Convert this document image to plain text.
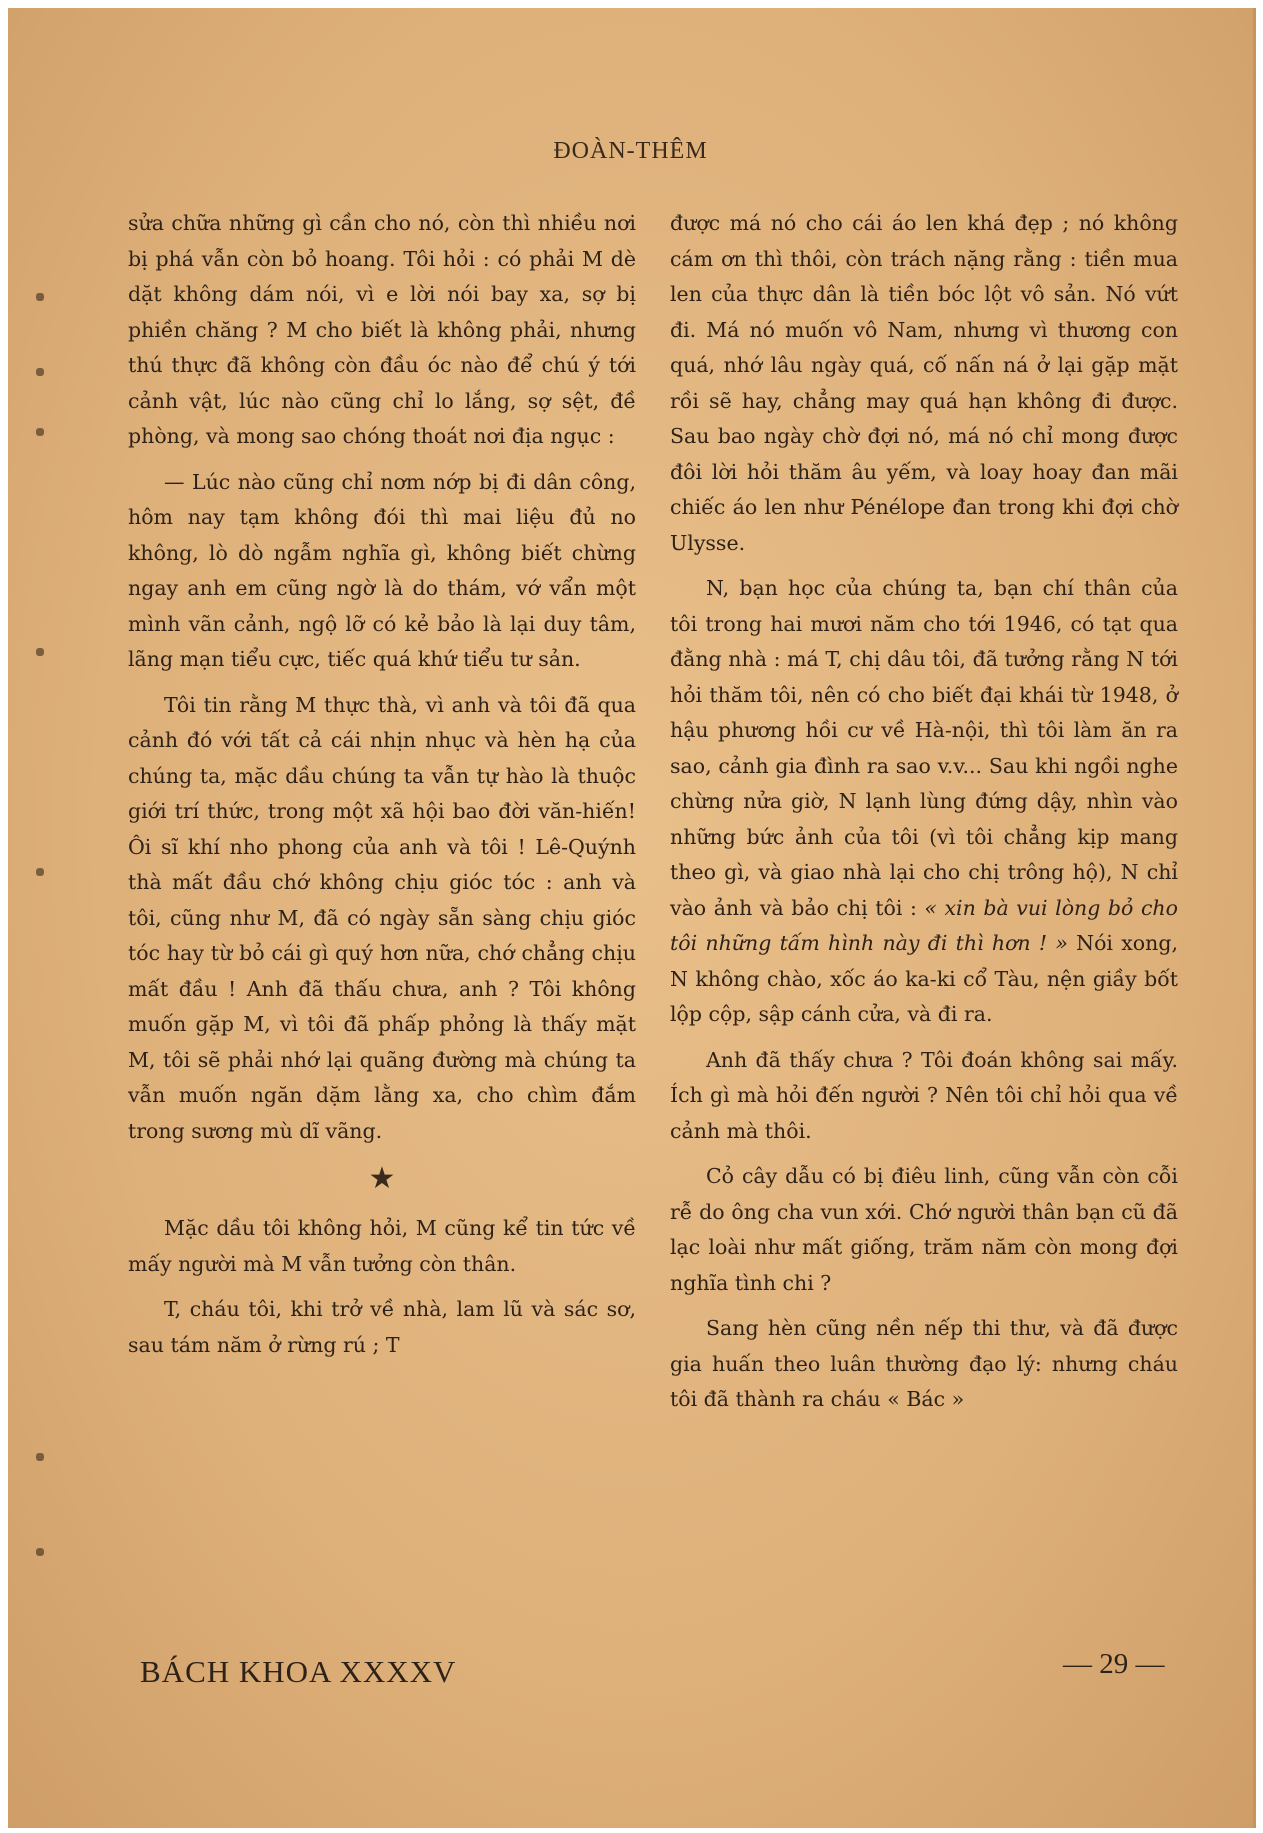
ĐOÀN-THÊM

sửa chữa những gì cần cho nó, còn thì nhiều nơi bị phá vẫn còn bỏ hoang. Tôi hỏi : có phải M dè dặt không dám nói, vì e lời nói bay xa, sợ bị phiền chăng ? M cho biết là không phải, nhưng thú thực đã không còn đầu óc nào để chú ý tới cảnh vật, lúc nào cũng chỉ lo lắng, sợ sệt, đề phòng, và mong sao chóng thoát nơi địa ngục :

— Lúc nào cũng chỉ nơm nớp bị đi dân công, hôm nay tạm không đói thì mai liệu đủ no không, lò dò ngẫm nghĩa gì, không biết chừng ngay anh em cũng ngờ là do thám, vớ vẩn một mình vãn cảnh, ngộ lỡ có kẻ bảo là lại duy tâm, lãng mạn tiểu cực, tiếc quá khứ tiểu tư sản.

Tôi tin rằng M thực thà, vì anh và tôi đã qua cảnh đó với tất cả cái nhịn nhục và hèn hạ của chúng ta, mặc dầu chúng ta vẫn tự hào là thuộc giới trí thức, trong một xã hội bao đời văn-hiến! Ôi sĩ khí nho phong của anh và tôi ! Lê-Quýnh thà mất đầu chớ không chịu gióc tóc : anh và tôi, cũng như M, đã có ngày sẵn sàng chịu gióc tóc hay từ bỏ cái gì quý hơn nữa, chớ chẳng chịu mất đầu ! Anh đã thấu chưa, anh ? Tôi không muốn gặp M, vì tôi đã phấp phỏng là thấy mặt M, tôi sẽ phải nhớ lại quãng đường mà chúng ta vẫn muốn ngăn dặm lằng xa, cho chìm đắm trong sương mù dĩ vãng.

★

Mặc dầu tôi không hỏi, M cũng kể tin tức về mấy người mà M vẫn tưởng còn thân.

T, cháu tôi, khi trở về nhà, lam lũ và sác sơ, sau tám năm ở rừng rú ; T

được má nó cho cái áo len khá đẹp ; nó không cám ơn thì thôi, còn trách nặng rằng : tiền mua len của thực dân là tiền bóc lột vô sản. Nó vứt đi. Má nó muốn vô Nam, nhưng vì thương con quá, nhớ lâu ngày quá, cố nấn ná ở lại gặp mặt rồi sẽ hay, chẳng may quá hạn không đi được. Sau bao ngày chờ đợi nó, má nó chỉ mong được đôi lời hỏi thăm âu yếm, và loay hoay đan mãi chiếc áo len như Pénélope đan trong khi đợi chờ Ulysse.

N, bạn học của chúng ta, bạn chí thân của tôi trong hai mươi năm cho tới 1946, có tạt qua đằng nhà : má T, chị dâu tôi, đã tưởng rằng N tới hỏi thăm tôi, nên có cho biết đại khái từ 1948, ở hậu phương hồi cư về Hà-nội, thì tôi làm ăn ra sao, cảnh gia đình ra sao v.v... Sau khi ngồi nghe chừng nửa giờ, N lạnh lùng đứng dậy, nhìn vào những bức ảnh của tôi (vì tôi chẳng kịp mang theo gì, và giao nhà lại cho chị trông hộ), N chỉ vào ảnh và bảo chị tôi : « xin bà vui lòng bỏ cho tôi những tấm hình này đi thì hơn ! » Nói xong, N không chào, xốc áo ka-ki cổ Tàu, nện giầy bốt lộp cộp, sập cánh cửa, và đi ra.

Anh đã thấy chưa ? Tôi đoán không sai mấy. Ích gì mà hỏi đến người ? Nên tôi chỉ hỏi qua về cảnh mà thôi.

Cỏ cây dẫu có bị điêu linh, cũng vẫn còn cỗi rễ do ông cha vun xới. Chớ người thân bạn cũ đã lạc loài như mất giống, trăm năm còn mong đợi nghĩa tình chi ?

Sang hèn cũng nền nếp thi thư, và đã được gia huấn theo luân thường đạo lý: nhưng cháu tôi đã thành ra cháu « Bác »

BÁCH KHOA XXXXV	— 29 —
